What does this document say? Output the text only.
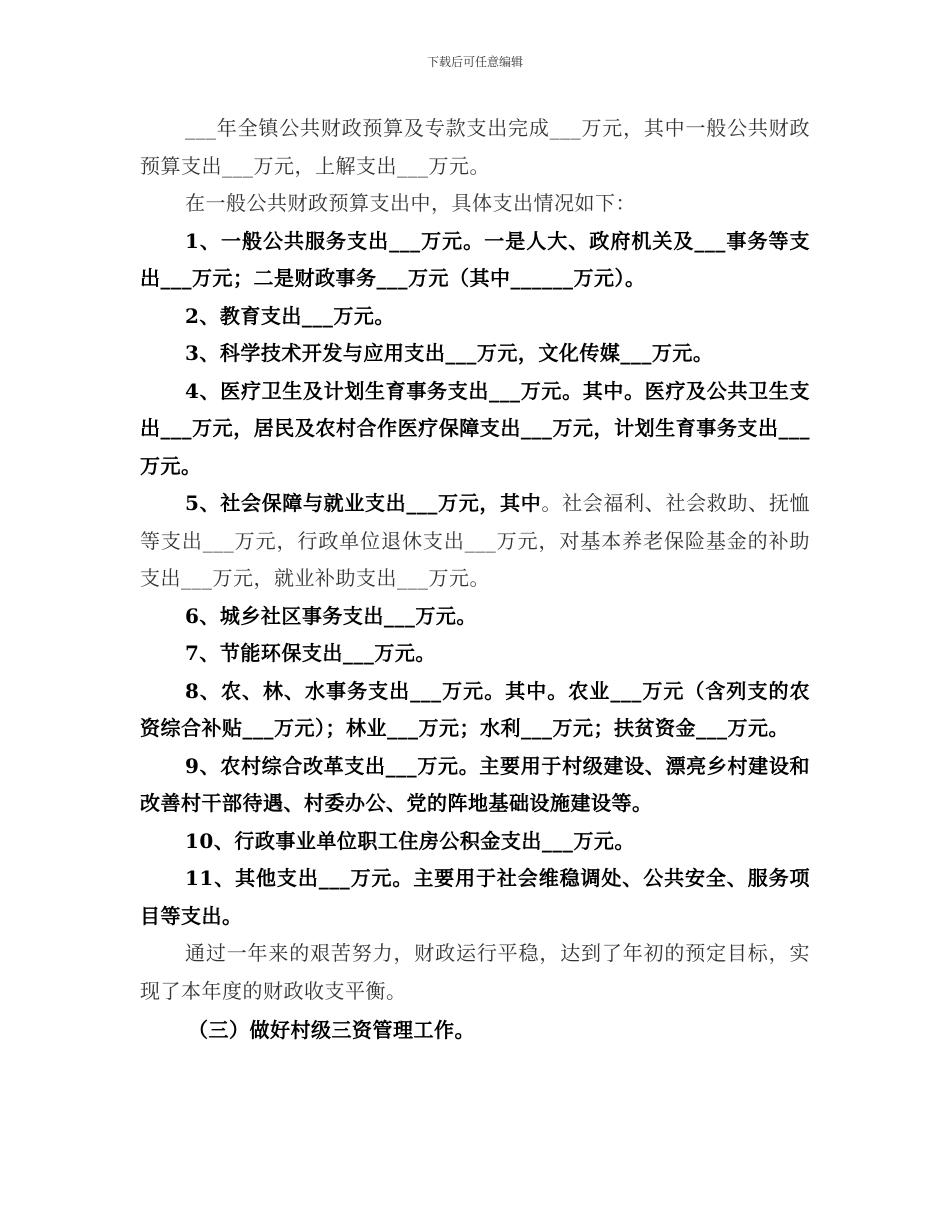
下载后可任意编辑

___年全镇公共财政预算及专款支出完成___万元，其中一般公共财政预算支出___万元，上解支出___万元。

在一般公共财政预算支出中，具体支出情况如下：

1、一般公共服务支出___万元。一是人大、政府机关及___事务等支出___万元；二是财政事务___万元（其中______万元）。

2、教育支出___万元。

3、科学技术开发与应用支出___万元，文化传媒___万元。

4、医疗卫生及计划生育事务支出___万元。其中。医疗及公共卫生支出___万元，居民及农村合作医疗保障支出___万元，计划生育事务支出___万元。

5、社会保障与就业支出___万元，其中。社会福利、社会救助、抚恤等支出___万元，行政单位退休支出___万元，对基本养老保险基金的补助支出___万元，就业补助支出___万元。

6、城乡社区事务支出___万元。

7、节能环保支出___万元。

8、农、林、水事务支出___万元。其中。农业___万元（含列支的农资综合补贴___万元）；林业___万元；水利___万元；扶贫资金___万元。

9、农村综合改革支出___万元。主要用于村级建设、漂亮乡村建设和改善村干部待遇、村委办公、党的阵地基础设施建设等。

10、行政事业单位职工住房公积金支出___万元。

11、其他支出___万元。主要用于社会维稳调处、公共安全、服务项目等支出。

通过一年来的艰苦努力，财政运行平稳，达到了年初的预定目标，实现了本年度的财政收支平衡。

（三）做好村级三资管理工作。
